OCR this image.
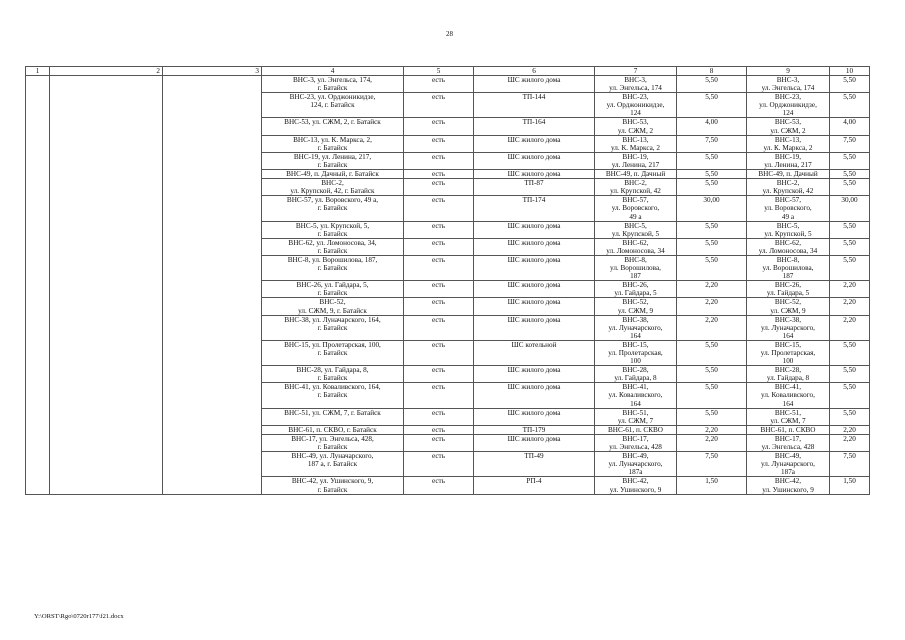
28
1	2	3	4	5	6	7	8	9	10
			ВНС-3, ул. Энгельса, 174,
г. Батайск	есть	ШС жилого дома	ВНС-3,
ул. Энгельса, 174	5,50	ВНС-3,
ул. Энгельса, 174	5,50
			ВНС-23, ул. Орджоникидзе,
124, г. Батайск	есть	ТП-144	ВНС-23,
ул. Орджоникидзе,
124	5,50	ВНС-23,
ул. Орджоникидзе,
124	5,50
			ВНС-53, ул. СЖМ, 2, г. Батайск	есть	ТП-164	ВНС-53,
ул. СЖМ, 2	4,00	ВНС-53,
ул. СЖМ, 2	4,00
			ВНС-13, ул. К. Маркса, 2,
г. Батайск	есть	ШС жилого дома	ВНС-13,
ул. К. Маркса, 2	7,50	ВНС-13,
ул. К. Маркса, 2	7,50
			ВНС-19, ул. Ленина, 217,
г. Батайск	есть	ШС жилого дома	ВНС-19,
ул. Ленина, 217	5,50	ВНС-19,
ул. Ленина, 217	5,50
			ВНС-49, п. Дачный, г. Батайск	есть	ШС жилого дома	ВНС-49, п. Дачный	5,50	ВНС-49, п. Дачный	5,50
			ВНС-2,
ул. Крупской, 42, г. Батайск	есть	ТП-87	ВНС-2,
ул. Крупской, 42	5,50	ВНС-2,
ул. Крупской, 42	5,50
			ВНС-57, ул. Воровского, 49 а,
г. Батайск	есть	ТП-174	ВНС-57,
ул. Воровского,
49 а	30,00	ВНС-57,
ул. Воровского,
49 а	30,00
			ВНС-5, ул. Крупской, 5,
г. Батайск	есть	ШС жилого дома	ВНС-5,
ул. Крупской, 5	5,50	ВНС-5,
ул. Крупской, 5	5,50
			ВНС-62, ул. Ломоносова, 34,
г. Батайск	есть	ШС жилого дома	ВНС-62,
ул. Ломоносова, 34	5,50	ВНС-62,
ул. Ломоносова, 34	5,50
			ВНС-8, ул. Ворошилова, 187,
г. Батайск	есть	ШС жилого дома	ВНС-8,
ул. Ворошилова,
187	5,50	ВНС-8,
ул. Ворошилова,
187	5,50
			ВНС-26, ул. Гайдара, 5,
г. Батайск	есть	ШС жилого дома	ВНС-26,
ул. Гайдара, 5	2,20	ВНС-26,
ул. Гайдара, 5	2,20
			ВНС-52,
ул. СЖМ, 9, г. Батайск	есть	ШС жилого дома	ВНС-52,
ул. СЖМ, 9	2,20	ВНС-52,
ул. СЖМ, 9	2,20
			ВНС-38, ул. Луначарского, 164,
г. Батайск	есть	ШС жилого дома	ВНС-38,
ул. Луначарского,
164	2,20	ВНС-38,
ул. Луначарского,
164	2,20
			ВНС-15, ул. Пролетарская, 100,
г. Батайск	есть	ШС котельной	ВНС-15,
ул. Пролетарская,
100	5,50	ВНС-15,
ул. Пролетарская,
100	5,50
			ВНС-28, ул. Гайдара, 8,
г. Батайск	есть	ШС жилого дома	ВНС-28,
ул. Гайдара, 8	5,50	ВНС-28,
ул. Гайдара, 8	5,50
			ВНС-41, ул. Коваливского, 164,
г. Батайск	есть	ШС жилого дома	ВНС-41,
ул. Коваливского,
164	5,50	ВНС-41,
ул. Коваливского,
164	5,50
			ВНС-51, ул. СЖМ, 7, г. Батайск	есть	ШС жилого дома	ВНС-51,
ул. СЖМ, 7	5,50	ВНС-51,
ул. СЖМ, 7	5,50
			ВНС-61, п. СКВО, г. Батайск	есть	ТП-179	ВНС-61, п. СКВО	2,20	ВНС-61, п. СКВО	2,20
			ВНС-17, ул. Энгельса, 428,
г. Батайск	есть	ШС жилого дома	ВНС-17,
ул. Энгельса, 428	2,20	ВНС-17,
ул. Энгельса, 428	2,20
			ВНС-49, ул. Луначарского,
187 а, г. Батайск	есть	ТП-49	ВНС-49,
ул. Луначарского,
187а	7,50	ВНС-49,
ул. Луначарского,
187а	7,50
			ВНС-42, ул. Ушинского, 9,
г. Батайск	есть	РП-4	ВНС-42,
ул. Ушинского, 9	1,50	ВНС-42,
ул. Ушинского, 9	1,50
Y:\ORST\Rgo\0720r177\f21.docx
